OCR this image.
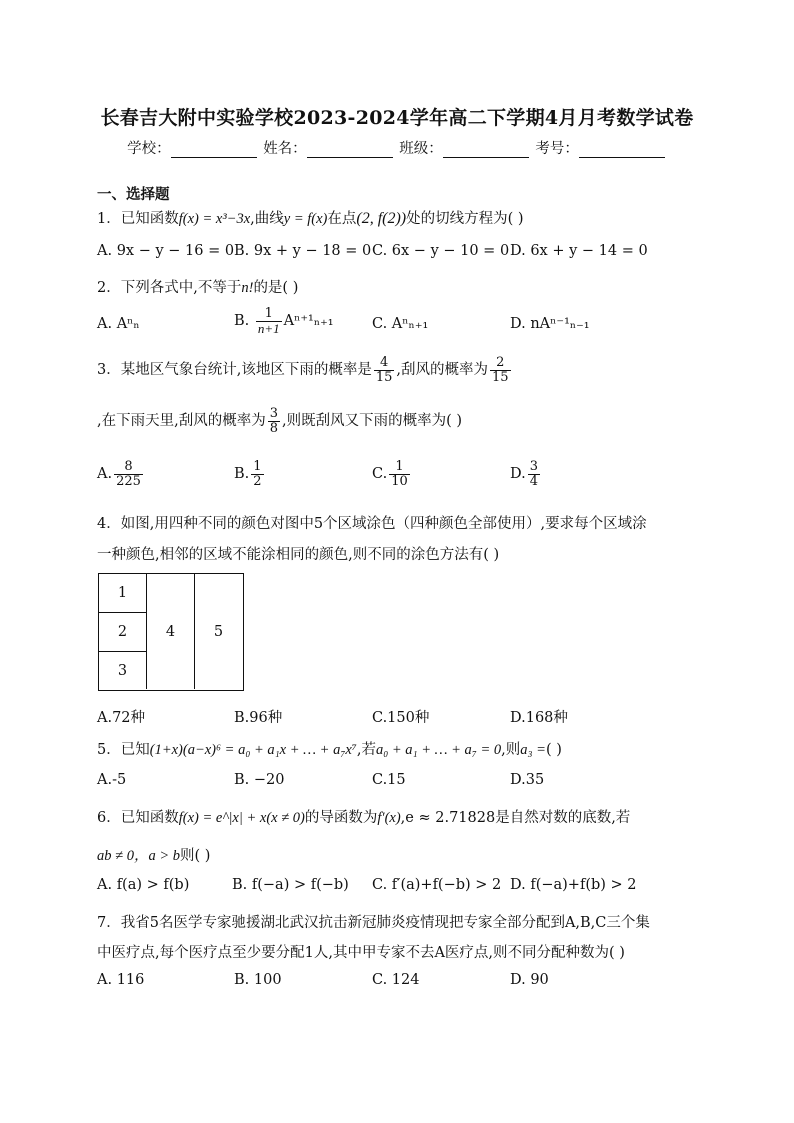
长春吉大附中实验学校2023-2024学年高二下学期4月月考数学试卷
学校：	姓名：	班级：	考号：
一、选择题
1．已知函数f(x) = x³−3x,曲线y = f(x)在点(2, f(2))处的切线方程为( )
A. 9x − y − 16 = 0 B. 9x + y − 18 = 0 C. 6x − y − 10 = 0 D. 6x + y − 14 = 0
2．下列各式中,不等于n!的是( )
A. Aⁿₙ	B. $\frac{1}{n+1} A^{n+1}_{n+1}$	C. Aⁿₙ₊₁	D. nAⁿ⁻¹ₙ₋₁
3．某地区气象台统计,该地区下雨的概率是 $\frac{4}{15}$ ,刮风的概率为 $\frac{2}{15}$
,在下雨天里,刮风的概率为 $\frac{3}{8}$ ,则既刮风又下雨的概率为( )
A. $\frac{8}{225}$	B. $\frac{1}{2}$	C. $\frac{1}{10}$	D. $\frac{3}{4}$
4．如图,用四种不同的颜色对图中5个区域涂色（四种颜色全部使用）,要求每个区域涂
一种颜色,相邻的区域不能涂相同的颜色,则不同的涂色方法有( )
1
2
3
4	5
A.72种	B.96种	C.150种	D.168种
5．已知(1+x)(a−x)⁶ = a₀ + a₁x + … + a₇x⁷,若a₀ + a₁ + … + a₇ = 0,则a₃ =( )
A.-5	B. −20	C.15	D.35
6．已知函数f(x) = e^|x| + x(x ≠ 0)的导函数为f′(x),e ≈ 2.71828是自然对数的底数,若
ab ≠ 0，a > b则( )
A. f(a) > f(b)	B. f(−a) > f(−b) C. f′(a)+f(−b) > 2 D. f(−a)+f(b) > 2
7．我省5名医学专家驰援湖北武汉抗击新冠肺炎疫情现把专家全部分配到A,B,C三个集
中医疗点,每个医疗点至少要分配1人,其中甲专家不去A医疗点,则不同分配种数为( )
A. 116	B. 100	C. 124	D. 90
